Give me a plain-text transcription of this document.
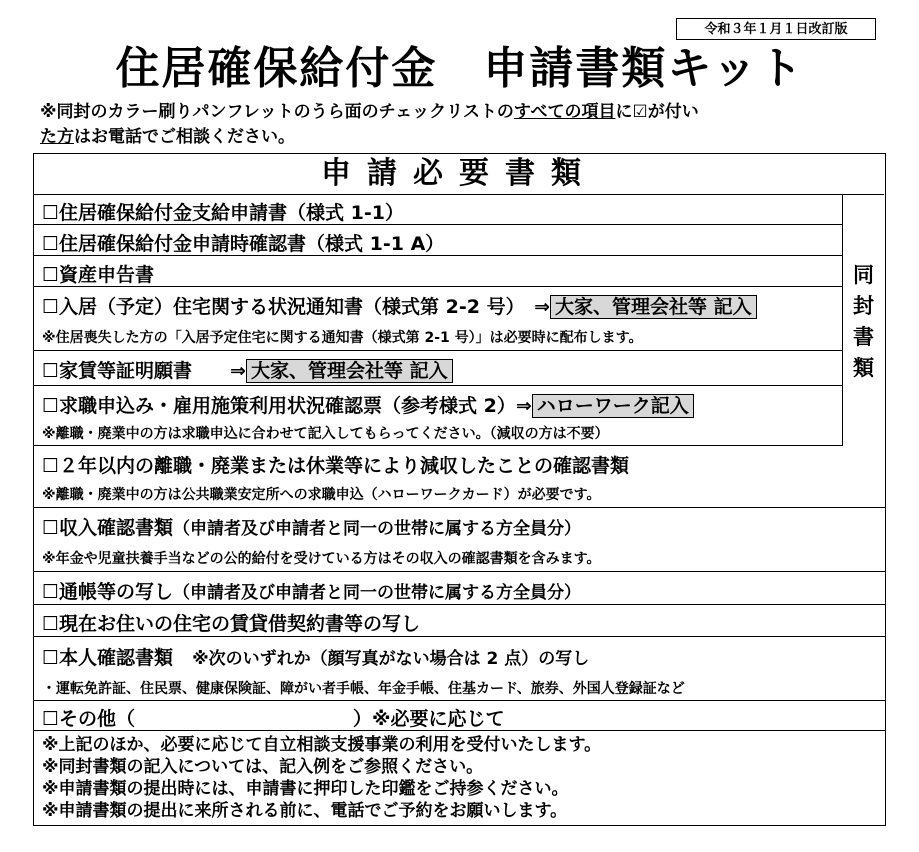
令和３年１月１日改訂版
住居確保給付金　申請書類キット
※同封のカラー刷りパンフレットのうら面のチェックリストのすべての項目に☑が付い
た方はお電話でご相談ください。
申請必要書類
同
封
書
類
☐住居確保給付金支給申請書（様式 1-1）
☐住居確保給付金申請時確認書（様式 1-1 A）
☐資産申告書
☐入居（予定）住宅関する状況通知書（様式第 2-2 号）　⇒ 大家、管理会社等 記入
※住居喪失した方の「入居予定住宅に関する通知書（様式第 2-1 号）」は必要時に配布します。
☐家賃等証明願書　　⇒ 大家、管理会社等 記入
☐求職申込み・雇用施策利用状況確認票（参考様式 2）⇒ ハローワーク記入
※離職・廃業中の方は求職申込に合わせて記入してもらってください。（減収の方は不要）
☐２年以内の離職・廃業または休業等により減収したことの確認書類
※離職・廃業中の方は公共職業安定所への求職申込（ハローワークカード）が必要です。
☐収入確認書類（申請者及び申請者と同一の世帯に属する方全員分）
※年金や児童扶養手当などの公的給付を受けている方はその収入の確認書類を含みます。
☐通帳等の写し（申請者及び申請者と同一の世帯に属する方全員分）
☐現在お住いの住宅の賃貸借契約書等の写し
☐本人確認書類　 ※次のいずれか（顔写真がない場合は 2 点）の写し
・運転免許証、住民票、健康保険証、障がい者手帳、年金手帳、住基カード、旅券、外国人登録証など
☐その他（	）※必要に応じて
※上記のほか、必要に応じて自立相談支援事業の利用を受付いたします。
※同封書類の記入については、記入例をご参照ください。
※申請書類の提出時には、申請書に押印した印鑑をご持参ください。
※申請書類の提出に来所される前に、電話でご予約をお願いします。
